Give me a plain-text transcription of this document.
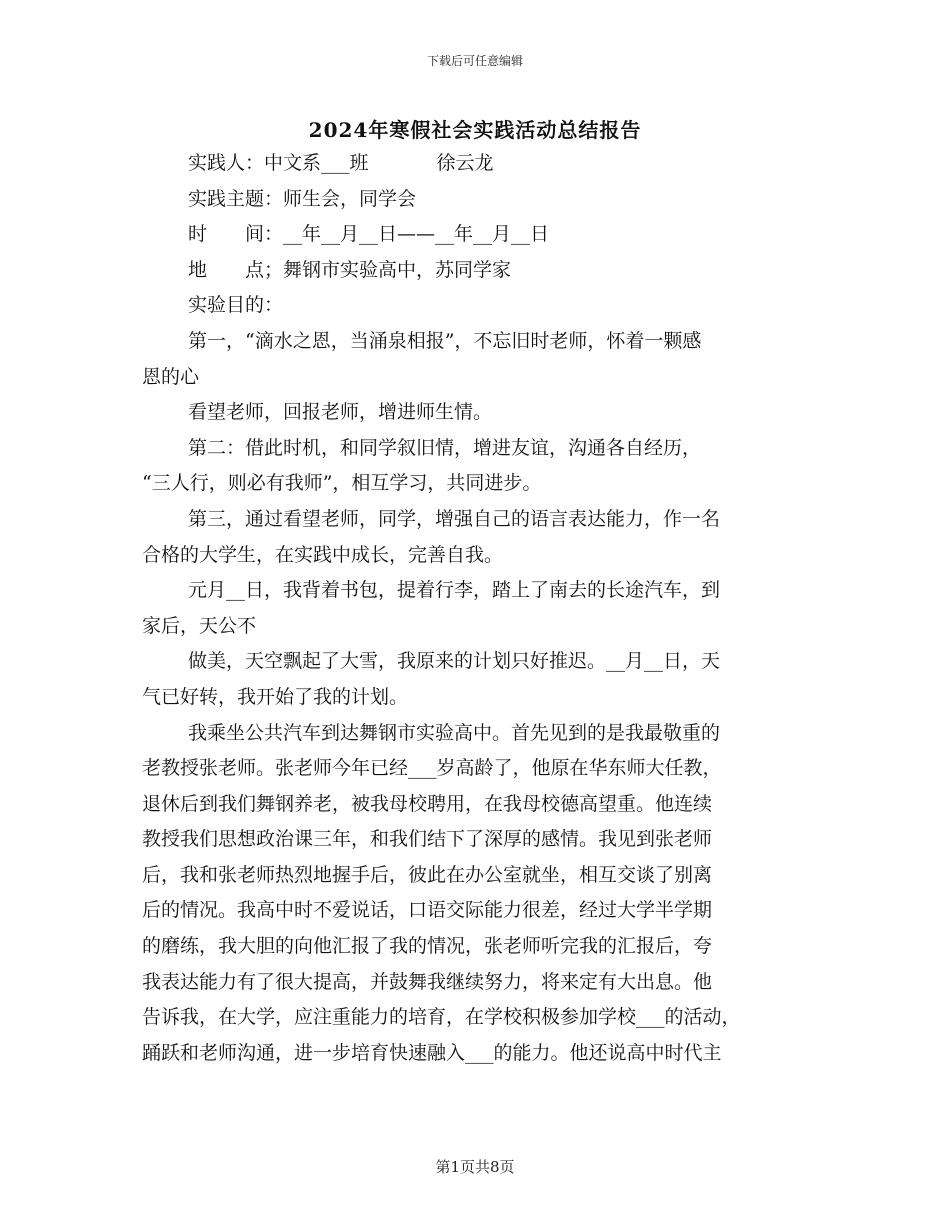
下载后可任意编辑
2024年寒假社会实践活动总结报告
实践人：中文系___班	徐云龙
实践主题：师生会，同学会
时 间：__年__月__日——__年__月__日
地 点；舞钢市实验高中，苏同学家
实验目的：
第一，“滴水之恩，当涌泉相报”，不忘旧时老师，怀着一颗感
恩的心
看望老师，回报老师，增进师生情。
第二：借此时机，和同学叙旧情，增进友谊，沟通各自经历，
“三人行，则必有我师”，相互学习，共同进步。
第三，通过看望老师，同学，增强自己的语言表达能力，作一名
合格的大学生，在实践中成长，完善自我。
元月__日，我背着书包，提着行李，踏上了南去的长途汽车，到
家后，天公不
做美，天空飘起了大雪，我原来的计划只好推迟。__月__日，天
气已好转，我开始了我的计划。
我乘坐公共汽车到达舞钢市实验高中。首先见到的是我最敬重的
老教授张老师。张老师今年已经___岁高龄了，他原在华东师大任教，
退休后到我们舞钢养老，被我母校聘用，在我母校德高望重。他连续
教授我们思想政治课三年，和我们结下了深厚的感情。我见到张老师
后，我和张老师热烈地握手后，彼此在办公室就坐，相互交谈了别离
后的情况。我高中时不爱说话，口语交际能力很差，经过大学半学期
的磨练，我大胆的向他汇报了我的情况，张老师听完我的汇报后，夸
我表达能力有了很大提高，并鼓舞我继续努力，将来定有大出息。他
告诉我，在大学，应注重能力的培育，在学校积极参加学校___的活动，
踊跃和老师沟通，进一步培育快速融入___的能力。他还说高中时代主
第1页共8页
